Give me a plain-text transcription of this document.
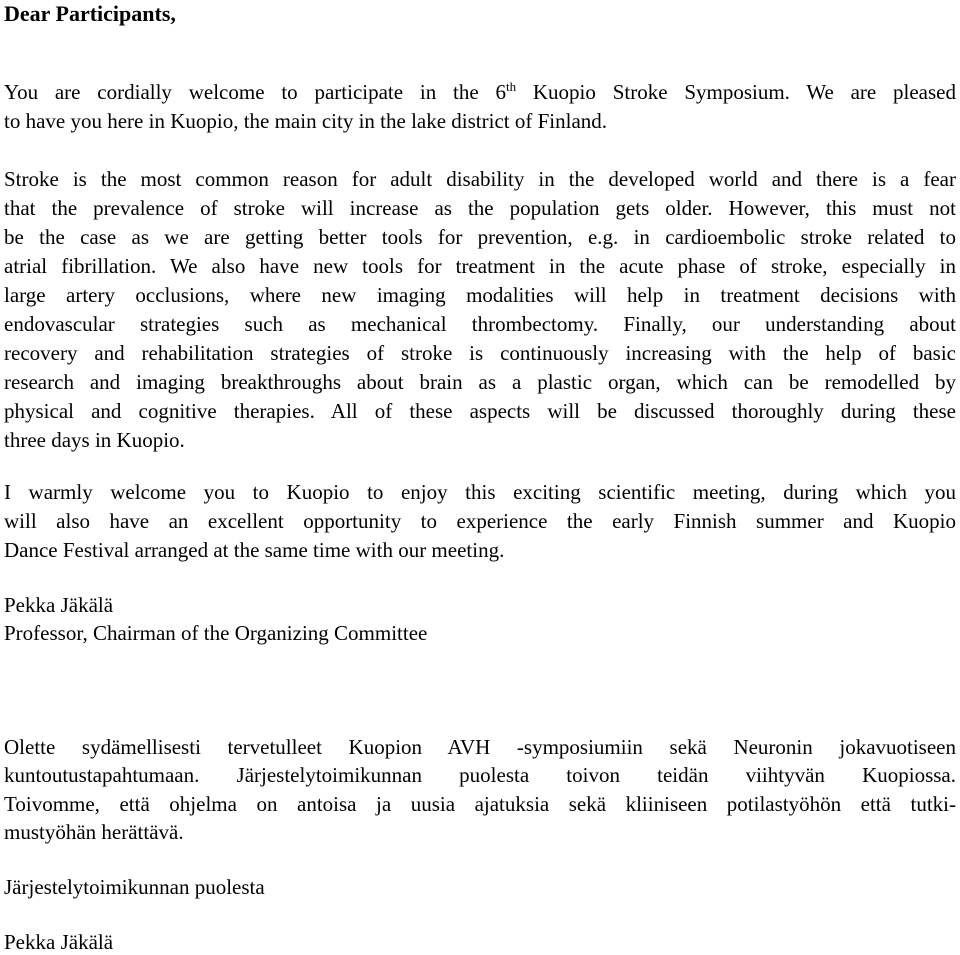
Dear Participants,

You are cordially welcome to participate in the 6th Kuopio Stroke Symposium. We are pleased

to have you here in Kuopio, the main city in the lake district of Finland.

Stroke is the most common reason for adult disability in the developed world and there is a fear

that the prevalence of stroke will increase as the population gets older. However, this must not

be the case as we are getting better tools for prevention, e.g. in cardioembolic stroke related to

atrial fibrillation. We also have new tools for treatment in the acute phase of stroke, especially in

large artery occlusions, where new imaging modalities will help in treatment decisions with

endovascular strategies such as mechanical thrombectomy. Finally, our understanding about

recovery and rehabilitation strategies of stroke is continuously increasing with the help of basic

research and imaging breakthroughs about brain as a plastic organ, which can be remodelled by

physical and cognitive therapies. All of these aspects will be discussed thoroughly during these

three days in Kuopio.

I warmly welcome you to Kuopio to enjoy this exciting scientific meeting, during which you

will also have an excellent opportunity to experience the early Finnish summer and Kuopio

Dance Festival arranged at the same time with our meeting.

Pekka Jäkälä

Professor, Chairman of the Organizing Committee

Olette sydämellisesti tervetulleet Kuopion AVH -symposiumiin sekä Neuronin jokavuotiseen

kuntoutustapahtumaan. Järjestelytoimikunnan puolesta toivon teidän viihtyvän Kuopiossa.

Toivomme, että ohjelma on antoisa ja uusia ajatuksia sekä kliiniseen potilastyöhön että tutki-

mustyöhän herättävä.

Järjestelytoimikunnan puolesta

Pekka Jäkälä
